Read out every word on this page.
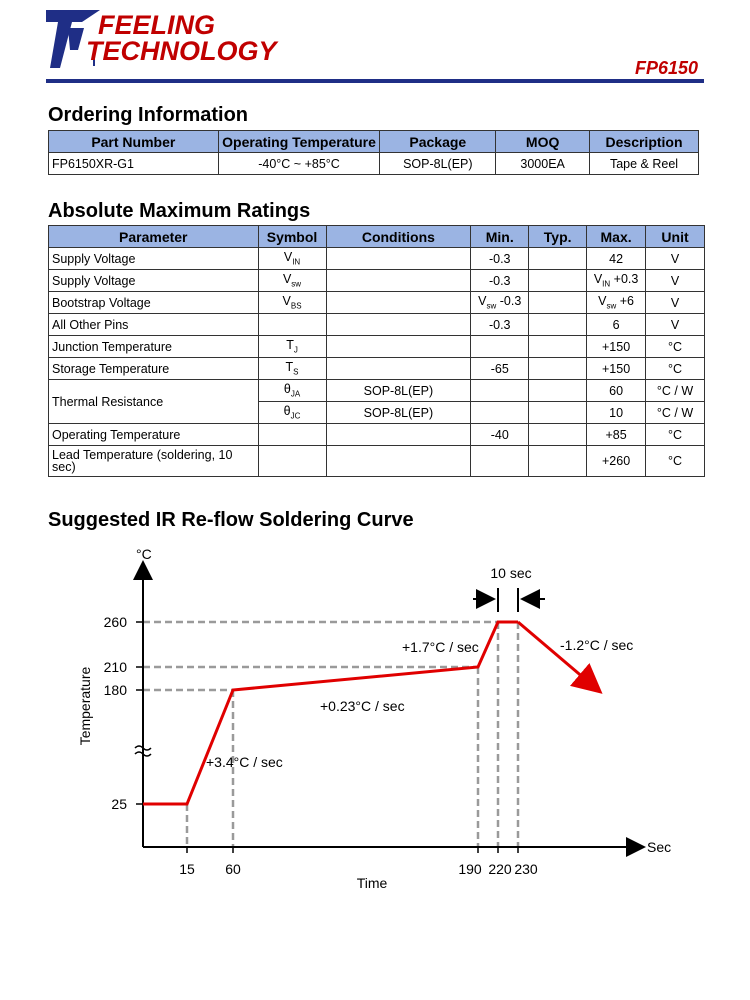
FEELING
TECHNOLOGY
FP6150
Ordering Information
Part Number	Operating Temperature	Package	MOQ	Description
FP6150XR-G1	-40°C ~ +85°C	SOP-8L(EP)	3000EA	Tape & Reel
Absolute Maximum Ratings
Parameter	Symbol	Conditions	Min.	Typ.	Max.	Unit
Supply Voltage	$V_{IN}$		-0.3		42	V
Supply Voltage	$V_{sw}$		-0.3		$V_{IN} +0.3$	V
Bootstrap Voltage	$V_{BS}$		$V_{sw}$ -0.3		$V_{sw} +6$	V
All Other Pins			-0.3		6	V
Junction Temperature	$T_J$				+150	°C
Storage Temperature	$T_S$		-65		+150	°C
Thermal Resistance	$\theta_{JA}$	SOP-8L(EP)			60	°C / W
	$\theta_{JC}$	SOP-8L(EP)			10	°C / W
Operating Temperature			-40		+85	°C
Lead Temperature (soldering, 10 sec)					+260	°C
Suggested IR Re-flow Soldering Curve
°C
Sec
Time
Temperature
25
180
210
260
15 60	190 220 230
+3.4°C / sec
+0.23°C / sec
+1.7°C / sec	-1.2°C / sec
10 sec
